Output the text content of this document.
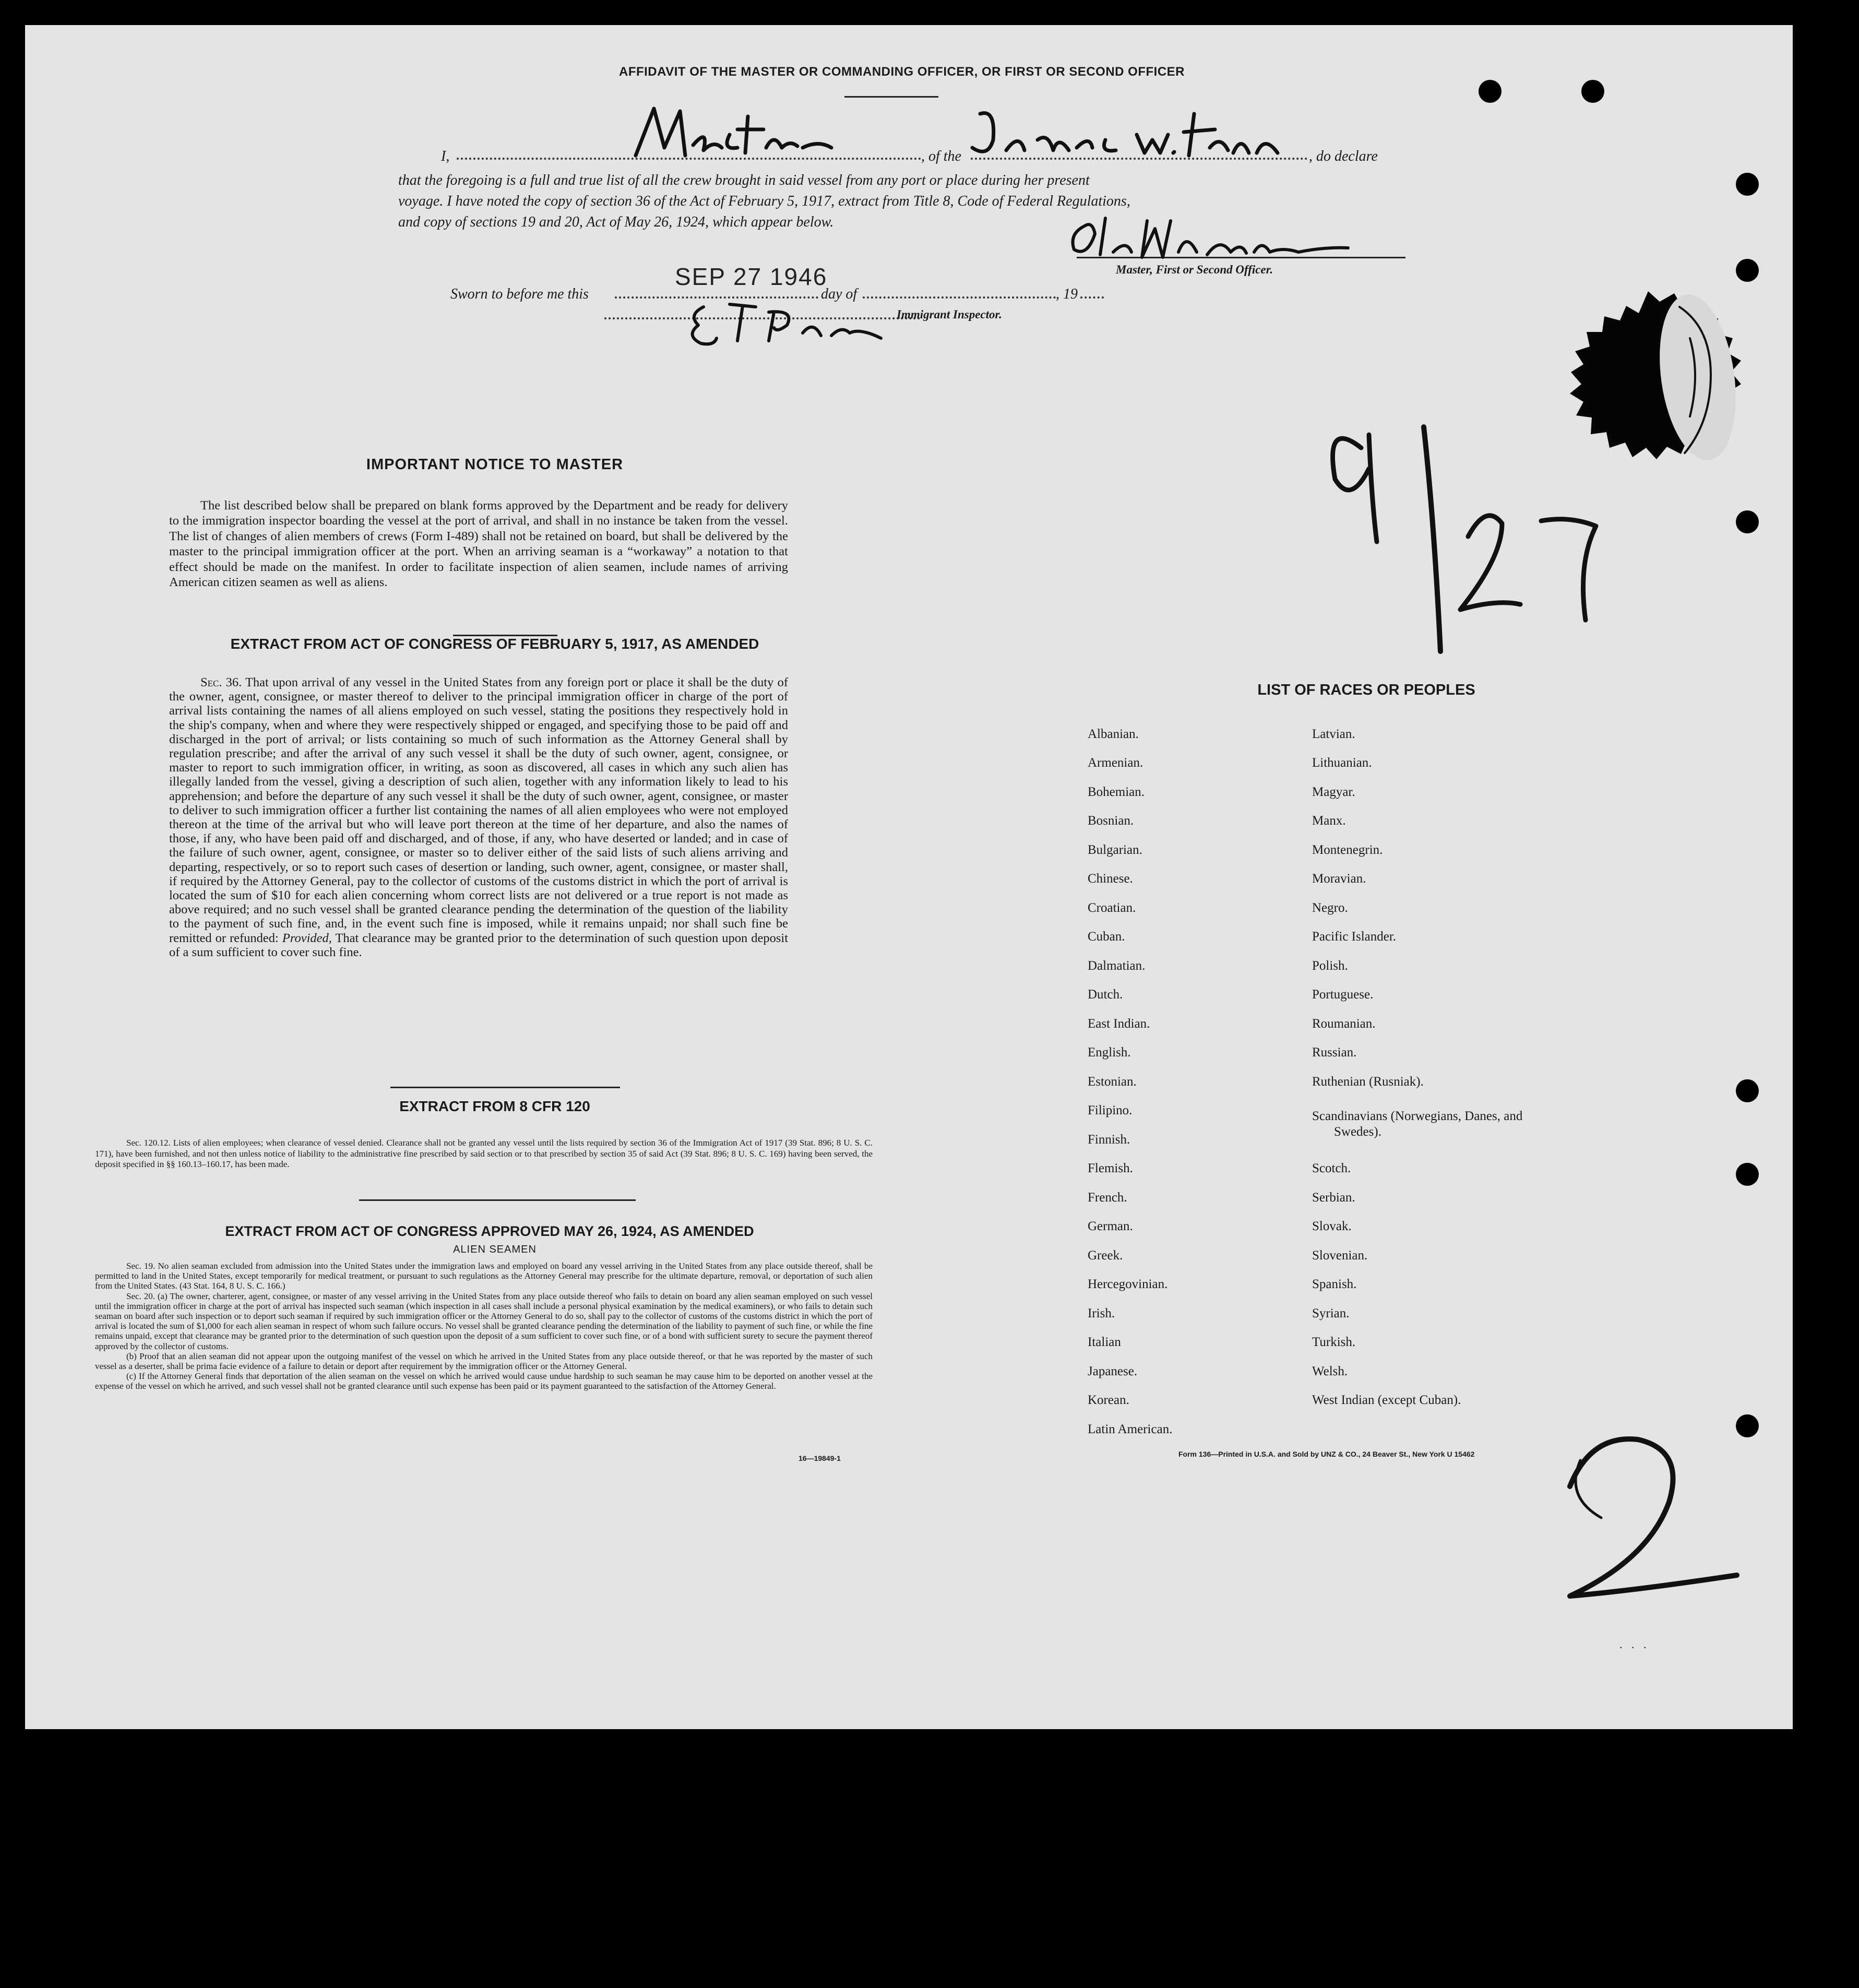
AFFIDAVIT OF THE MASTER OR COMMANDING OFFICER, OR FIRST OR SECOND OFFICER
I,	, of the	, do declare
that the foregoing is a full and true list of all the crew brought in said vessel from any port or place during her present
voyage. I have noted the copy of section 36 of the Act of February 5, 1917, extract from Title 8, Code of Federal Regulations,
and copy of sections 19 and 20, Act of May 26, 1924, which appear below.
Master, First or Second Officer.
Sworn to before me this
SEP 27 1946
day of	, 19
Immigrant Inspector.
IMPORTANT NOTICE TO MASTER
The list described below shall be prepared on blank forms approved by the Department and be ready for delivery to the immigration inspector boarding the vessel at the port of arrival, and shall in no instance be taken from the vessel. The list of changes of alien members of crews (Form I-489) shall not be retained on board, but shall be delivered by the master to the principal immigration officer at the port. When an arriving seaman is a “workaway” a notation to that effect should be made on the manifest. In order to facilitate inspection of alien seamen, include names of arriving American citizen seamen as well as aliens.
EXTRACT FROM ACT OF CONGRESS OF FEBRUARY 5, 1917, AS AMENDED
Sec. 36. That upon arrival of any vessel in the United States from any foreign port or place it shall be the duty of the owner, agent, consignee, or master thereof to deliver to the principal immigration officer in charge of the port of arrival lists containing the names of all aliens employed on such vessel, stating the positions they respectively hold in the ship's company, when and where they were respectively shipped or engaged, and specifying those to be paid off and discharged in the port of arrival; or lists containing so much of such information as the Attorney General shall by regulation prescribe; and after the arrival of any such vessel it shall be the duty of such owner, agent, consignee, or master to report to such immigration officer, in writing, as soon as discovered, all cases in which any such alien has illegally landed from the vessel, giving a description of such alien, together with any information likely to lead to his apprehension; and before the departure of any such vessel it shall be the duty of such owner, agent, consignee, or master to deliver to such immigration officer a further list containing the names of all alien employees who were not employed thereon at the time of the arrival but who will leave port thereon at the time of her departure, and also the names of those, if any, who have been paid off and discharged, and of those, if any, who have deserted or landed; and in case of the failure of such owner, agent, consignee, or master so to deliver either of the said lists of such aliens arriving and departing, respectively, or so to report such cases of desertion or landing, such owner, agent, consignee, or master shall, if required by the Attorney General, pay to the collector of customs of the customs district in which the port of arrival is located the sum of $10 for each alien concerning whom correct lists are not delivered or a true report is not made as above required; and no such vessel shall be granted clearance pending the determination of the question of the liability to the payment of such fine, and, in the event such fine is imposed, while it remains unpaid; nor shall such fine be remitted or refunded: Provided, That clearance may be granted prior to the determination of such question upon deposit of a sum sufficient to cover such fine.
EXTRACT FROM 8 CFR 120
Sec. 120.12. Lists of alien employees; when clearance of vessel denied. Clearance shall not be granted any vessel until the lists required by section 36 of the Immigration Act of 1917 (39 Stat. 896; 8 U. S. C. 171), have been furnished, and not then unless notice of liability to the administrative fine prescribed by said section or to that prescribed by section 35 of said Act (39 Stat. 896; 8 U. S. C. 169) having been served, the deposit specified in §§ 160.13–160.17, has been made.
EXTRACT FROM ACT OF CONGRESS APPROVED MAY 26, 1924, AS AMENDED
ALIEN SEAMEN
Sec. 19. No alien seaman excluded from admission into the United States under the immigration laws and employed on board any vessel arriving in the United States from any place outside thereof, shall be permitted to land in the United States, except temporarily for medical treatment, or pursuant to such regulations as the Attorney General may prescribe for the ultimate departure, removal, or deportation of such alien from the United States. (43 Stat. 164, 8 U. S. C. 166.)
Sec. 20. (a) The owner, charterer, agent, consignee, or master of any vessel arriving in the United States from any place outside thereof who fails to detain on board any alien seaman employed on such vessel until the immigration officer in charge at the port of arrival has inspected such seaman (which inspection in all cases shall include a personal physical examination by the medical examiners), or who fails to detain such seaman on board after such inspection or to deport such seaman if required by such immigration officer or the Attorney General to do so, shall pay to the collector of customs of the customs district in which the port of arrival is located the sum of $1,000 for each alien seaman in respect of whom such failure occurs. No vessel shall be granted clearance pending the determination of the liability to payment of such fine, or while the fine remains unpaid, except that clearance may be granted prior to the determination of such question upon the deposit of a sum sufficient to cover such fine, or of a bond with sufficient surety to secure the payment thereof approved by the collector of customs.
(b) Proof that an alien seaman did not appear upon the outgoing manifest of the vessel on which he arrived in the United States from any place outside thereof, or that he was reported by the master of such vessel as a deserter, shall be prima facie evidence of a failure to detain or deport after requirement by the immigration officer or the Attorney General.
(c) If the Attorney General finds that deportation of the alien seaman on the vessel on which he arrived would cause undue hardship to such seaman he may cause him to be deported on another vessel at the expense of the vessel on which he arrived, and such vessel shall not be granted clearance until such expense has been paid or its payment guaranteed to the satisfaction of the Attorney General.
16—19849-1
LIST OF RACES OR PEOPLES
Albanian.
Armenian.
Bohemian.
Bosnian.
Bulgarian.
Chinese.
Croatian.
Cuban.
Dalmatian.
Dutch.
East Indian.
English.
Estonian.
Filipino.
Finnish.
Flemish.
French.
German.
Greek.
Hercegovinian.
Irish.
Italian
Japanese.
Korean.
Latin American.
Latvian.
Lithuanian.
Magyar.
Manx.
Montenegrin.
Moravian.
Negro.
Pacific Islander.
Polish.
Portuguese.
Roumanian.
Russian.
Ruthenian (Rusniak).
Scandinavians (Norwegians, Danes, and Swedes).
Scotch.
Serbian.
Slovak.
Slovenian.
Spanish.
Syrian.
Turkish.
Welsh.
West Indian (except Cuban).
Form 136—Printed in U.S.A. and Sold by UNZ & CO., 24 Beaver St., New York U 15462
. . .
